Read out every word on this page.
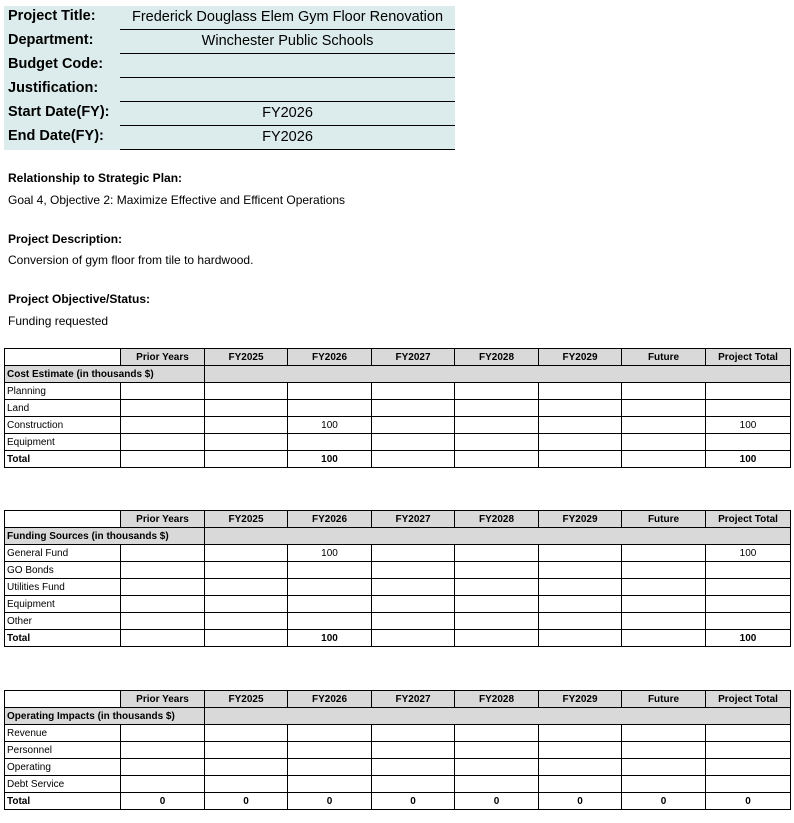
Project Title:	Frederick Douglass Elem Gym Floor Renovation
Department:	Winchester Public Schools
Budget Code:
Justification:
Start Date(FY):	FY2026
End Date(FY):	FY2026
Relationship to Strategic Plan:
Goal 4, Objective 2: Maximize Effective and Efficent Operations
Project Description:
Conversion of gym floor from tile to hardwood.
Project Objective/Status:
Funding requested
	Prior Years	FY2025	FY2026	FY2027	FY2028	FY2029	Future	Project Total
Cost Estimate (in thousands $)								
Planning								
Land								
Construction			100					100
Equipment								
Total			100					100
	Prior Years	FY2025	FY2026	FY2027	FY2028	FY2029	Future	Project Total
Funding Sources (in thousands $)								
General Fund			100					100
GO Bonds								
Utilities Fund								
Equipment								
Other								
Total			100					100
	Prior Years	FY2025	FY2026	FY2027	FY2028	FY2029	Future	Project Total
Operating Impacts (in thousands $)								
Revenue								
Personnel								
Operating								
Debt Service								
Total	0	0	0	0	0	0	0	0
